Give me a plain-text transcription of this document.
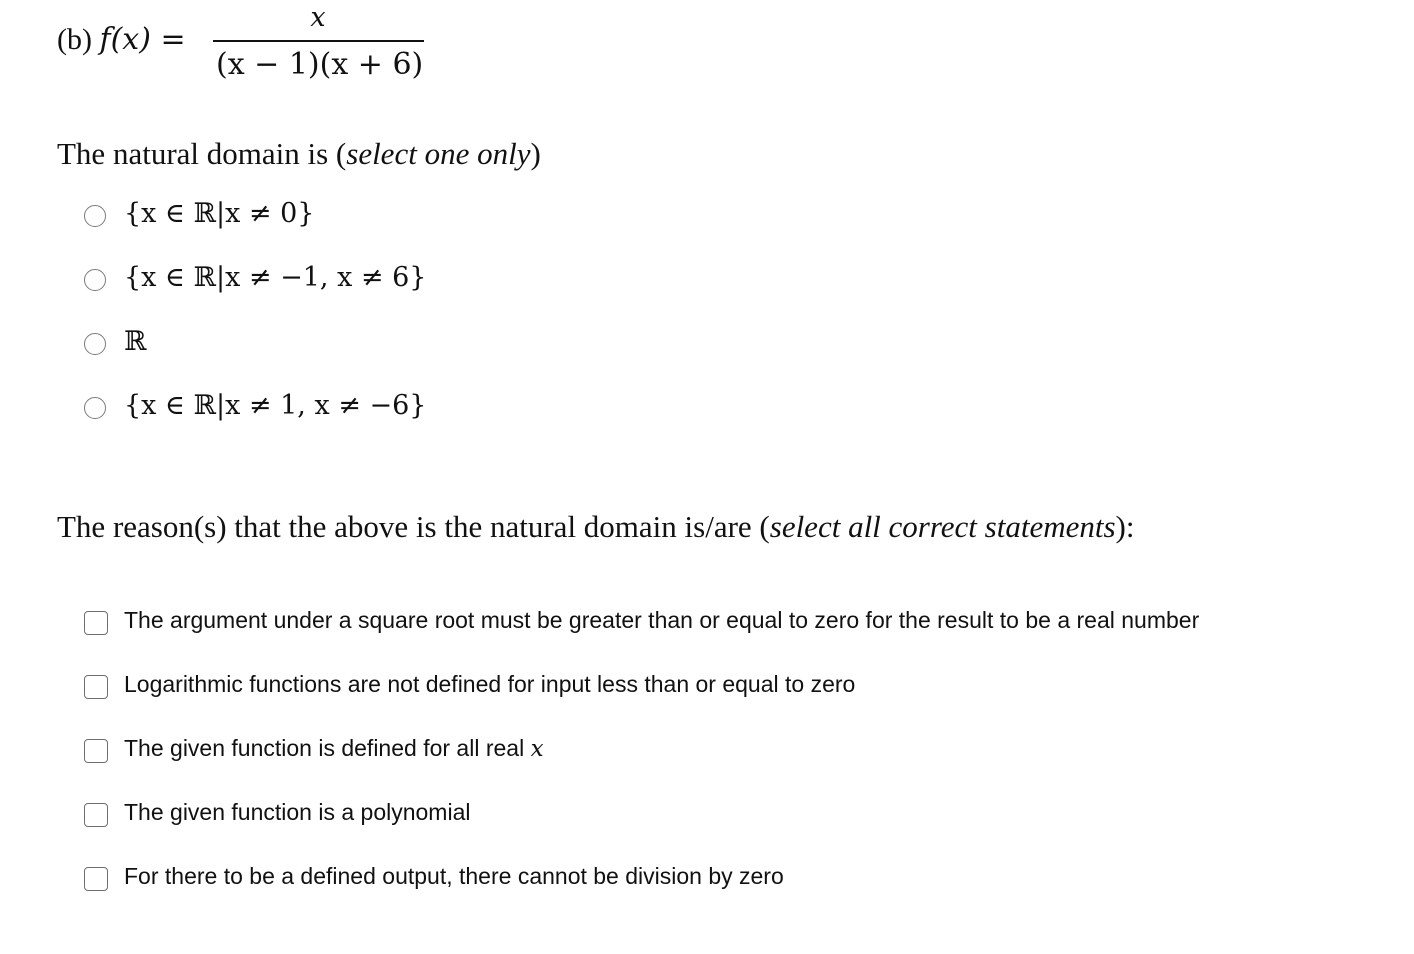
(b) f(x) =
x
(x − 1)(x + 6)
The natural domain is (select one only)
{x ∈ ℝ|x ≠ 0}
{x ∈ ℝ|x ≠ −1, x ≠ 6}
ℝ
{x ∈ ℝ|x ≠ 1, x ≠ −6}
The reason(s) that the above is the natural domain is/are (select all correct statements):
The argument under a square root must be greater than or equal to zero for the result to be a real number
Logarithmic functions are not defined for input less than or equal to zero
The given function is defined for all real x
The given function is a polynomial
For there to be a defined output, there cannot be division by zero
